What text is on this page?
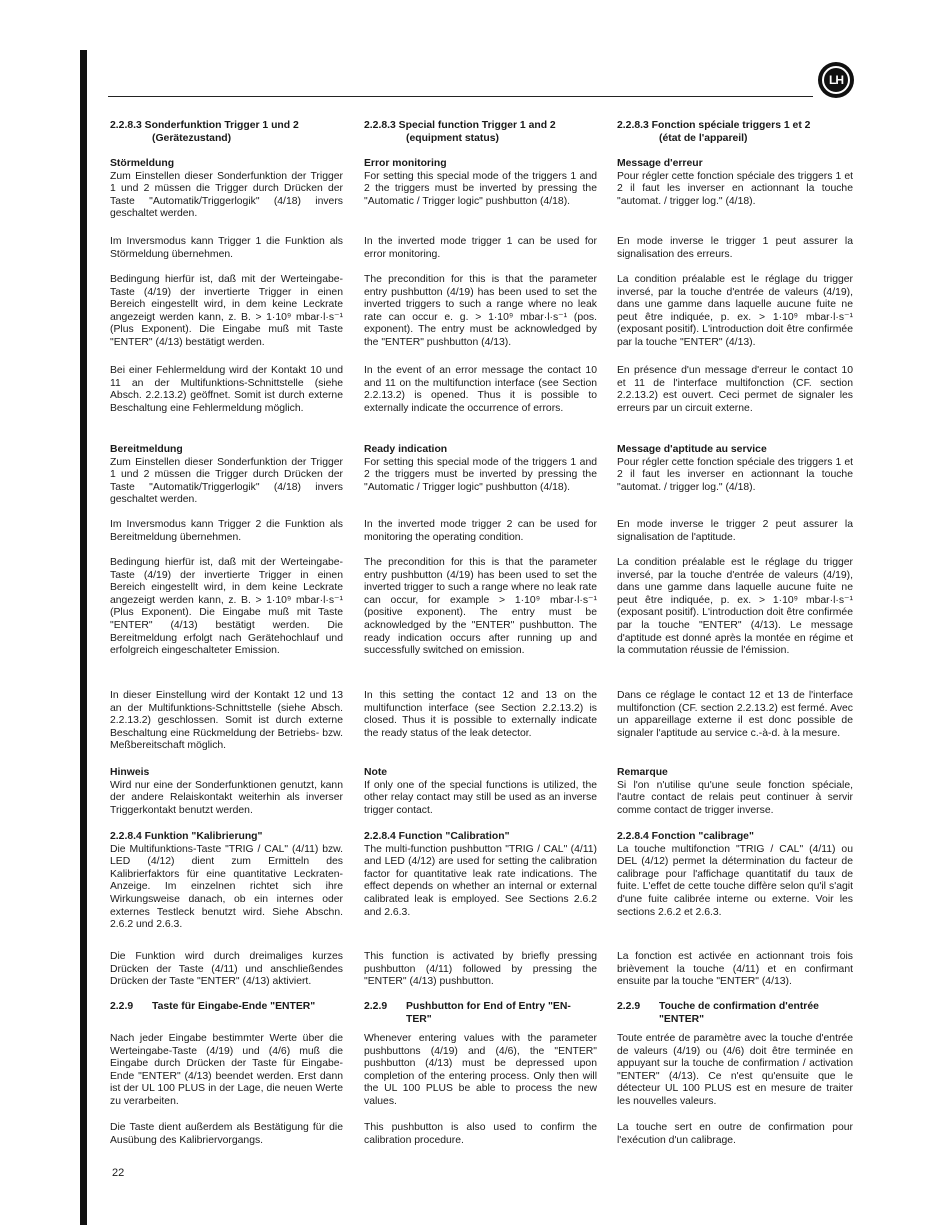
LH

2.2.8.3 Sonderfunktion Trigger 1 und 2

(Gerätezustand)

Störmeldung

Zum Einstellen dieser Sonderfunktion der Trigger 1 und 2 müssen die Trigger durch Drücken der Taste "Automatik/Triggerlogik" (4/18) invers geschaltet werden.

Im Inversmodus kann Trigger 1 die Funktion als Störmeldung übernehmen.

Bedingung hierfür ist, daß mit der Werteingabe-Taste (4/19) der invertierte Trigger in einen Bereich eingestellt wird, in dem keine Leckrate angezeigt werden kann, z. B. > 1·10⁹ mbar·l·s⁻¹ (Plus Exponent). Die Eingabe muß mit Taste "ENTER" (4/13) bestätigt werden.

Bei einer Fehlermeldung wird der Kontakt 10 und 11 an der Multifunktions-Schnittstelle (siehe Absch. 2.2.13.2) geöffnet. Somit ist durch externe Beschaltung eine Fehlermeldung möglich.

Bereitmeldung

Zum Einstellen dieser Sonderfunktion der Trigger 1 und 2 müssen die Trigger durch Drücken der Taste "Automatik/Triggerlogik" (4/18) invers geschaltet werden.

Im Inversmodus kann Trigger 2 die Funktion als Bereitmeldung übernehmen.

Bedingung hierfür ist, daß mit der Werteingabe-Taste (4/19) der invertierte Trigger in einen Bereich eingestellt wird, in dem keine Leckrate angezeigt werden kann, z. B. > 1·10⁹ mbar·l·s⁻¹ (Plus Exponent). Die Eingabe muß mit Taste "ENTER" (4/13) bestätigt werden. Die Bereitmeldung erfolgt nach Gerätehochlauf und erfolgreich eingeschalteter Emission.

In dieser Einstellung wird der Kontakt 12 und 13 an der Multifunktions-Schnittstelle (siehe Absch. 2.2.13.2) geschlossen. Somit ist durch externe Beschaltung eine Rückmeldung der Betriebs- bzw. Meßbereitschaft möglich.

Hinweis

Wird nur eine der Sonderfunktionen genutzt, kann der andere Relaiskontakt weiterhin als inverser Triggerkontakt benutzt werden.

2.2.8.4 Funktion "Kalibrierung"

Die Multifunktions-Taste "TRIG / CAL" (4/11) bzw. LED (4/12) dient zum Ermitteln des Kalibrierfaktors für eine quantitative Leckraten-Anzeige. Im einzelnen richtet sich ihre Wirkungsweise danach, ob ein internes oder externes Testleck benutzt wird. Siehe Abschn. 2.6.2 und 2.6.3.

Die Funktion wird durch dreimaliges kurzes Drücken der Taste (4/11) und anschließendes Drücken der Taste "ENTER" (4/13) aktiviert.

2.2.9 Taste für Eingabe-Ende "ENTER"

Nach jeder Eingabe bestimmter Werte über die Werteingabe-Taste (4/19) und (4/6) muß die Eingabe durch Drücken der Taste für Eingabe-Ende "ENTER" (4/13) beendet werden. Erst dann ist der UL 100 PLUS in der Lage, die neuen Werte zu verarbeiten.

Die Taste dient außerdem als Bestätigung für die Ausübung des Kalibriervorgangs.

2.2.8.3 Special function Trigger 1 and 2

(equipment status)

Error monitoring

For setting this special mode of the triggers 1 and 2 the triggers must be inverted by pressing the "Automatic / Trigger logic" pushbutton (4/18).

In the inverted mode trigger 1 can be used for error monitoring.

The precondition for this is that the parameter entry pushbutton (4/19) has been used to set the inverted triggers to such a range where no leak rate can occur e. g. > 1·10⁹ mbar·l·s⁻¹ (pos. exponent). The entry must be acknowledged by the "ENTER" pushbutton (4/13).

In the event of an error message the contact 10 and 11 on the multifunction interface (see Section 2.2.13.2) is opened. Thus it is possible to externally indicate the occurrence of errors.

Ready indication

For setting this special mode of the triggers 1 and 2 the triggers must be inverted by pressing the "Automatic / Trigger logic" pushbutton (4/18).

In the inverted mode trigger 2 can be used for monitoring the operating condition.

The precondition for this is that the parameter entry pushbutton (4/19) has been used to set the inverted trigger to such a range where no leak rate can occur, for example > 1·10⁹ mbar·l·s⁻¹ (positive exponent). The entry must be acknowledged by the "ENTER" pushbutton. The ready indication occurs after running up and successfully switched on emission.

In this setting the contact 12 and 13 on the multifunction interface (see Section 2.2.13.2) is closed. Thus it is possible to externally indicate the ready status of the leak detector.

Note

If only one of the special functions is utilized, the other relay contact may still be used as an inverse trigger contact.

2.2.8.4 Function "Calibration"

The multi-function pushbutton "TRIG / CAL" (4/11) and LED (4/12) are used for setting the calibration factor for quantitative leak rate indications. The effect depends on whether an internal or external calibrated leak is employed. See Sections 2.6.2 and 2.6.3.

This function is activated by briefly pressing pushbutton (4/11) followed by pressing the "ENTER" (4/13) pushbutton.

2.2.9 Pushbutton for End of Entry "EN-

TER"

Whenever entering values with the parameter pushbuttons (4/19) and (4/6), the "ENTER" pushbutton (4/13) must be depressed upon completion of the entering process. Only then will the UL 100 PLUS be able to process the new values.

This pushbutton is also used to confirm the calibration procedure.

2.2.8.3 Fonction spéciale triggers 1 et 2

(état de l'appareil)

Message d'erreur

Pour régler cette fonction spéciale des triggers 1 et 2 il faut les inverser en actionnant la touche "automat. / trigger log." (4/18).

En mode inverse le trigger 1 peut assurer la signalisation des erreurs.

La condition préalable est le réglage du trigger inversé, par la touche d'entrée de valeurs (4/19), dans une gamme dans laquelle aucune fuite ne peut être indiquée, p. ex. > 1·10⁹ mbar·l·s⁻¹ (exposant positif). L'introduction doit être confirmée par la touche "ENTER" (4/13).

En présence d'un message d'erreur le contact 10 et 11 de l'interface multifonction (CF. section 2.2.13.2) est ouvert. Ceci permet de signaler les erreurs par un circuit externe.

Message d'aptitude au service

Pour régler cette fonction spéciale des triggers 1 et 2 il faut les inverser en actionnant la touche "automat. / trigger log." (4/18).

En mode inverse le trigger 2 peut assurer la signalisation de l'aptitude.

La condition préalable est le réglage du trigger inversé, par la touche d'entrée de valeurs (4/19), dans une gamme dans laquelle aucune fuite ne peut être indiquée, p. ex. > 1·10⁹ mbar·l·s⁻¹ (exposant positif). L'introduction doit être confirmée par la touche "ENTER" (4/13). Le message d'aptitude est donné après la montée en régime et la commutation réussie de l'émission.

Dans ce réglage le contact 12 et 13 de l'interface multifonction (CF. section 2.2.13.2) est fermé. Avec un appareillage externe il est donc possible de signaler l'aptitude au service c.-à-d. à la mesure.

Remarque

Si l'on n'utilise qu'une seule fonction spéciale, l'autre contact de relais peut continuer à servir comme contact de trigger inverse.

2.2.8.4 Fonction "calibrage"

La touche multifonction "TRIG / CAL" (4/11) ou DEL (4/12) permet la détermination du facteur de calibrage pour l'affichage quantitatif du taux de fuite. L'effet de cette touche diffère selon qu'il s'agit d'une fuite calibrée interne ou externe. Voir les sections 2.6.2 et 2.6.3.

La fonction est activée en actionnant trois fois brièvement la touche (4/11) et en confirmant ensuite par la touche "ENTER" (4/13).

2.2.9 Touche de confirmation d'entrée

"ENTER"

Toute entrée de paramètre avec la touche d'entrée de valeurs (4/19) ou (4/6) doit être terminée en appuyant sur la touche de confirmation / activation "ENTER" (4/13). Ce n'est qu'ensuite que le détecteur UL 100 PLUS est en mesure de traiter les nouvelles valeurs.

La touche sert en outre de confirmation pour l'exécution d'un calibrage.

22
